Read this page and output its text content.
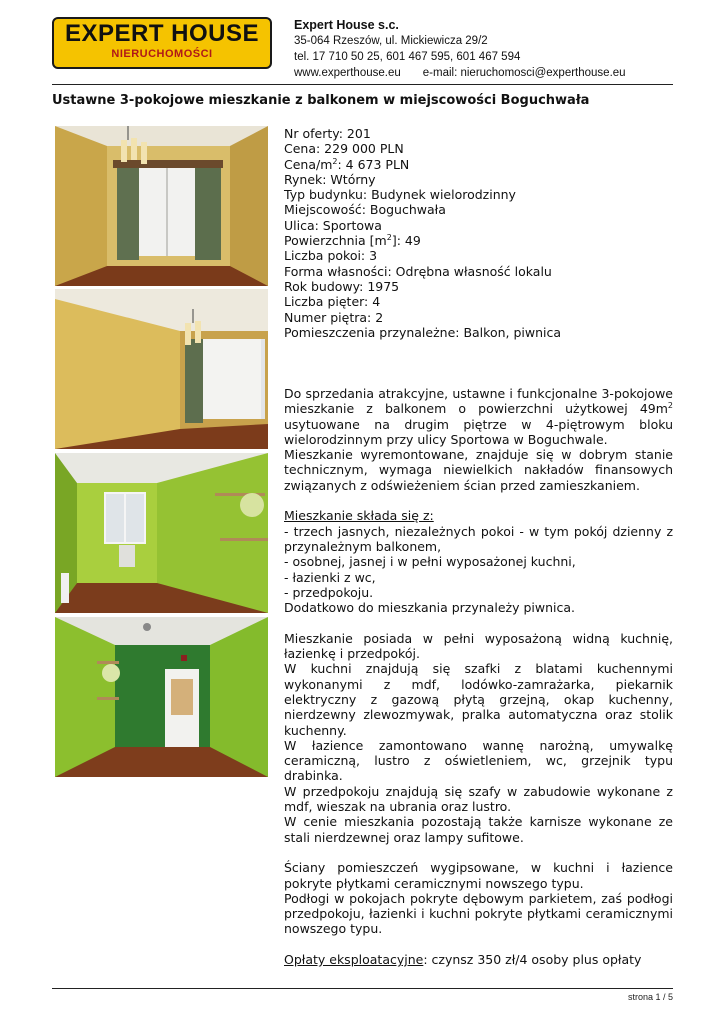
EXPERT HOUSE
NIERUCHOMOŚCI
Expert House s.c.
35-064 Rzeszów, ul. Mickiewicza 29/2
tel. 17 710 50 25, 601 467 595, 601 467 594
www.experthouse.eu e-mail: nieruchomosci@experthouse.eu
Ustawne 3-pokojowe mieszkanie z balkonem w miejscowości Boguchwała
Nr oferty: 201
Cena: 229 000 PLN
Cena/$m^2$: 4 673 PLN
Rynek: Wtórny
Typ budynku: Budynek wielorodzinny
Miejscowość: Boguchwała
Ulica: Sportowa
Powierzchnia $[m^2]$: 49
Liczba pokoi: 3
Forma własności: Odrębna własność lokalu
Rok budowy: 1975
Liczba pięter: 4
Numer piętra: 2
Pomieszczenia przynależne: Balkon, piwnica

Do sprzedania atrakcyjne, ustawne i funkcjonalne 3-pokojowe mieszkanie z balkonem o powierzchni użytkowej $49m^2$ usytuowane na drugim piętrze w 4-piętrowym bloku wielorodzinnym przy ulicy Sportowa w Boguchwale.

Mieszkanie wyremontowane, znajduje się w dobrym stanie technicznym, wymaga niewielkich nakładów finansowych związanych z odświeżeniem ścian przed zamieszkaniem.

Mieszkanie składa się z:

- trzech jasnych, niezależnych pokoi - w tym pokój dzienny z przynależnym balkonem,

- osobnej, jasnej i w pełni wyposażonej kuchni,

- łazienki z wc,

- przedpokoju.

Dodatkowo do mieszkania przynależy piwnica.

Mieszkanie posiada w pełni wyposażoną widną kuchnię, łazienkę i przedpokój.

W kuchni znajdują się szafki z blatami kuchennymi wykonanymi z mdf, lodówko-zamrażarka, piekarnik elektryczny z gazową płytą grzejną, okap kuchenny, nierdzewny zlewozmywak, pralka automatyczna oraz stolik kuchenny.

W łazience zamontowano wannę narożną, umywalkę ceramiczną, lustro z oświetleniem, wc, grzejnik typu drabinka.

W przedpokoju znajdują się szafy w zabudowie wykonane z mdf, wieszak na ubrania oraz lustro.

W cenie mieszkania pozostają także karnisze wykonane ze stali nierdzewnej oraz lampy sufitowe.

Ściany pomieszczeń wygipsowane, w kuchni i łazience pokryte płytkami ceramicznymi nowszego typu.

Podłogi w pokojach pokryte dębowym parkietem, zaś podłogi przedpokoju, łazienki i kuchni pokryte płytkami ceramicznymi nowszego typu.

Opłaty eksploatacyjne: czynsz 350 zł/4 osoby plus opłaty

strona 1 / 5
